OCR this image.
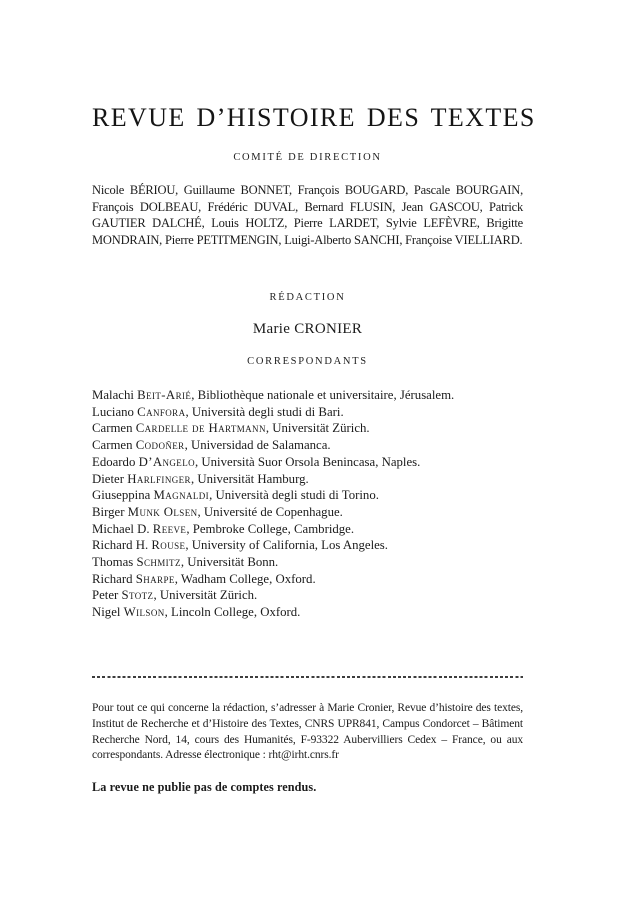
REVUE D’HISTOIRE DES TEXTES
COMITÉ DE DIRECTION
Nicole BÉRIOU, Guillaume BONNET, François BOUGARD, Pascale BOURGAIN, François DOLBEAU, Frédéric DUVAL, Bernard FLUSIN, Jean GASCOU, Patrick GAUTIER DALCHÉ, Louis HOLTZ, Pierre LARDET, Sylvie LEFÈVRE, Brigitte MONDRAIN, Pierre PETITMENGIN, Luigi-Alberto SANCHI, Françoise VIELLIARD.
RÉDACTION
Marie CRONIER
CORRESPONDANTS
Malachi Beit-Arié, Bibliothèque nationale et universitaire, Jérusalem.
Luciano Canfora, Università degli studi di Bari.
Carmen Cardelle de Hartmann, Universität Zürich.
Carmen Codoñer, Universidad de Salamanca.
Edoardo D’Angelo, Università Suor Orsola Benincasa, Naples.
Dieter Harlfinger, Universität Hamburg.
Giuseppina Magnaldi, Università degli studi di Torino.
Birger Munk Olsen, Université de Copenhague.
Michael D. Reeve, Pembroke College, Cambridge.
Richard H. Rouse, University of California, Los Angeles.
Thomas Schmitz, Universität Bonn.
Richard Sharpe, Wadham College, Oxford.
Peter Stotz, Universität Zürich.
Nigel Wilson, Lincoln College, Oxford.
Pour tout ce qui concerne la rédaction, s’adresser à Marie Cronier, Revue d’histoire des textes, Institut de Recherche et d’Histoire des Textes, CNRS UPR841, Campus Condorcet – Bâtiment Recherche Nord, 14, cours des Humanités, F-93322 Aubervilliers Cedex – France, ou aux correspondants. Adresse électronique : rht@irht.cnrs.fr
La revue ne publie pas de comptes rendus.
